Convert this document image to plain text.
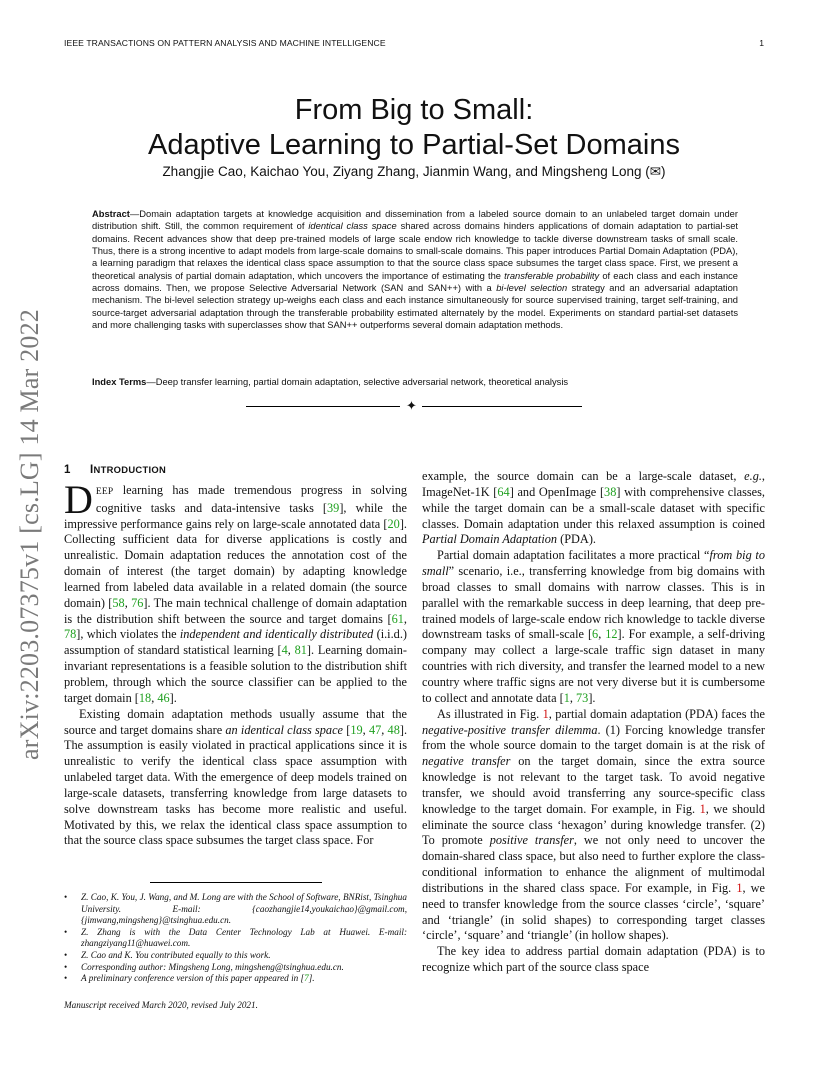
IEEE TRANSACTIONS ON PATTERN ANALYSIS AND MACHINE INTELLIGENCE	1
From Big to Small:
Adaptive Learning to Partial-Set Domains
Zhangjie Cao, Kaichao You, Ziyang Zhang, Jianmin Wang, and Mingsheng Long (✉)

Abstract—Domain adaptation targets at knowledge acquisition and dissemination from a labeled source domain to an unlabeled target domain under distribution shift. Still, the common requirement of identical class space shared across domains hinders applications of domain adaptation to partial-set domains. Recent advances show that deep pre-trained models of large scale endow rich knowledge to tackle diverse downstream tasks of small scale. Thus, there is a strong incentive to adapt models from large-scale domains to small-scale domains. This paper introduces Partial Domain Adaptation (PDA), a learning paradigm that relaxes the identical class space assumption to that the source class space subsumes the target class space. First, we present a theoretical analysis of partial domain adaptation, which uncovers the importance of estimating the transferable probability of each class and each instance across domains. Then, we propose Selective Adversarial Network (SAN and SAN++) with a bi-level selection strategy and an adversarial adaptation mechanism. The bi-level selection strategy up-weighs each class and each instance simultaneously for source supervised training, target self-training, and source-target adversarial adaptation through the transferable probability estimated alternately by the model. Experiments on standard partial-set datasets and more challenging tasks with superclasses show that SAN++ outperforms several domain adaptation methods.

Index Terms—Deep transfer learning, partial domain adaptation, selective adversarial network, theoretical analysis

✦
arXiv:2203.07375v1 [cs.LG] 14 Mar 2022	1 INTRODUCTION

DEEP learning has made tremendous progress in solving cognitive tasks and data-intensive tasks [39], while the impressive performance gains rely on large-scale annotated data [20]. Collecting sufficient data for diverse applications is costly and unrealistic. Domain adaptation reduces the annotation cost of the domain of interest (the target domain) by adapting knowledge learned from labeled data available in a related domain (the source domain) [58, 76]. The main technical challenge of domain adaptation is the distribution shift between the source and target domains [61, 78], which violates the independent and identically distributed (i.i.d.) assumption of standard statistical learning [4, 81]. Learning domain-invariant representations is a feasible solution to the distribution shift problem, through which the source classifier can be applied to the target domain [18, 46].

Existing domain adaptation methods usually assume that the source and target domains share an identical class space [19, 47, 48]. The assumption is easily violated in practical applications since it is unrealistic to verify the identical class space assumption with unlabeled target data. With the emergence of deep models trained on large-scale datasets, transferring knowledge from large datasets to solve downstream tasks has become more realistic and useful. Motivated by this, we relax the identical class space assumption to that the source class space subsumes the target class space. For

• Z. Cao, K. You, J. Wang, and M. Long are with the School of Software, BNRist, Tsinghua University. E-mail: {caozhangjie14,youkaichao}@gmail.com, {jimwang,mingsheng}@tsinghua.edu.cn.
• Z. Zhang is with the Data Center Technology Lab at Huawei. E-mail: zhangziyang11@huawei.com.
• Z. Cao and K. You contributed equally to this work.
• Corresponding author: Mingsheng Long, mingsheng@tsinghua.edu.cn.
• A preliminary conference version of this paper appeared in [7].
Manuscript received March 2020, revised July 2021.

example, the source domain can be a large-scale dataset, e.g., ImageNet-1K [64] and OpenImage [38] with comprehensive classes, while the target domain can be a small-scale dataset with specific classes. Domain adaptation under this relaxed assumption is coined Partial Domain Adaptation (PDA).

Partial domain adaptation facilitates a more practical “from big to small” scenario, i.e., transferring knowledge from big domains with broad classes to small domains with narrow classes. This is in parallel with the remarkable success in deep learning, that deep pre-trained models of large-scale endow rich knowledge to tackle diverse downstream tasks of small-scale [6, 12]. For example, a self-driving company may collect a large-scale traffic sign dataset in many countries with rich diversity, and transfer the learned model to a new country where traffic signs are not very diverse but it is cumbersome to collect and annotate data [1, 73].

As illustrated in Fig. 1, partial domain adaptation (PDA) faces the negative-positive transfer dilemma. (1) Forcing knowledge transfer from the whole source domain to the target domain is at the risk of negative transfer on the target domain, since the extra source knowledge is not relevant to the target task. To avoid negative transfer, we should avoid transferring any source-specific class knowledge to the target domain. For example, in Fig. 1, we should eliminate the source class ‘hexagon’ during knowledge transfer. (2) To promote positive transfer, we not only need to uncover the domain-shared class space, but also need to further explore the class-conditional information to enhance the alignment of multimodal distributions in the shared class space. For example, in Fig. 1, we need to transfer knowledge from the source classes ‘circle’, ‘square’ and ‘triangle’ (in solid shapes) to corresponding target classes ‘circle’, ‘square’ and ‘triangle’ (in hollow shapes).

The key idea to address partial domain adaptation (PDA) is to recognize which part of the source class space
